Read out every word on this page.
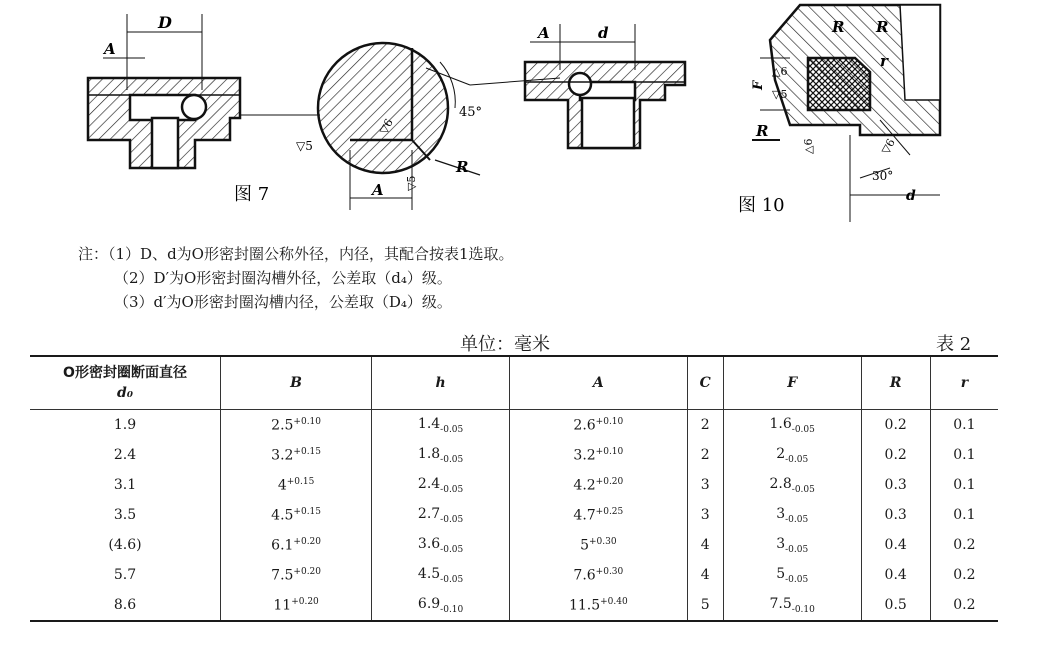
D
A
45°
R
A
▽5
▽5
▽6
A	d
图 7
R R
r
R
F
△6
▽5
△6	▽6
30°
d
图 10
注：（1）D、d为O形密封圈公称外径，内径，其配合按表1选取。
（2）D′为O形密封圈沟槽外径，公差取（d₄）级。
（3）d′为O形密封圈沟槽内径，公差取（D₄）级。
单位：毫米	表 2
O形密封圈断面直径
d₀	B	h	A	C	F	R	r
1.9	$2.5^{+0.10}$	$1.4_{-0.05}$	$2.6^{+0.10}$	2	$1.6_{-0.05}$	0.2	0.1
2.4	$3.2^{+0.15}$	$1.8_{-0.05}$	$3.2^{+0.10}$	2	$2_{-0.05}$	0.2	0.1
3.1	$4^{+0.15}$	$2.4_{-0.05}$	$4.2^{+0.20}$	3	$2.8_{-0.05}$	0.3	0.1
3.5	$4.5^{+0.15}$	$2.7_{-0.05}$	$4.7^{+0.25}$	3	$3_{-0.05}$	0.3	0.1
(4.6)	$6.1^{+0.20}$	$3.6_{-0.05}$	$5^{+0.30}$	4	$3_{-0.05}$	0.4	0.2
5.7	$7.5^{+0.20}$	$4.5_{-0.05}$	$7.6^{+0.30}$	4	$5_{-0.05}$	0.4	0.2
8.6	$11^{+0.20}$	$6.9_{-0.10}$	$11.5^{+0.40}$	5	$7.5_{-0.10}$	0.5	0.2
